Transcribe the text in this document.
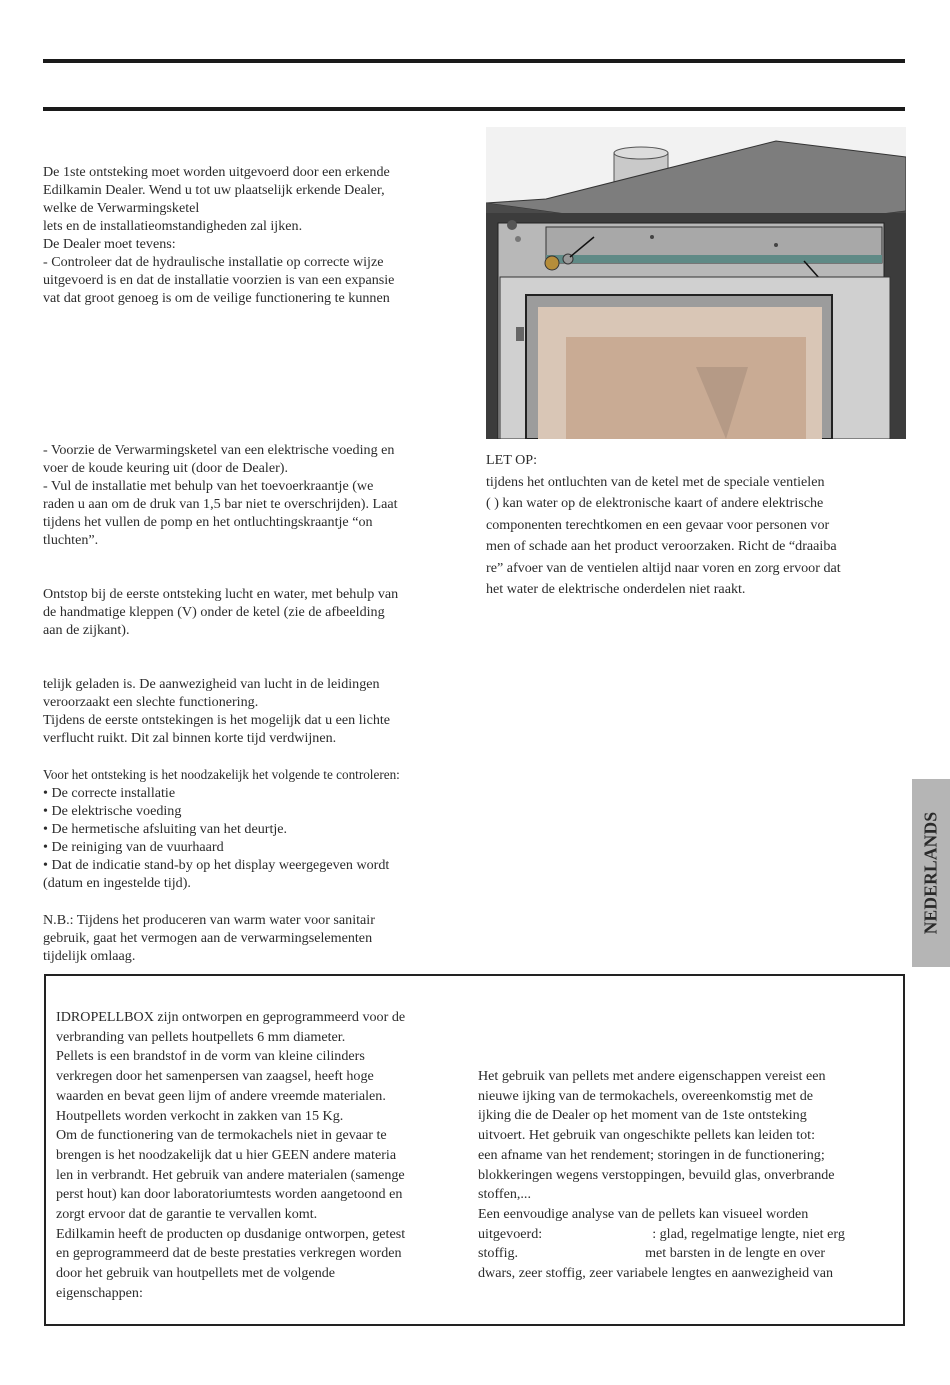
De 1ste ontsteking moet worden uitgevoerd door een erkende

Edilkamin Dealer. Wend u tot uw plaatselijk erkende Dealer,

welke de Verwarmingsketel

lets en de installatieomstandigheden zal ijken.

De Dealer moet tevens:

- Controleer dat de hydraulische installatie op correcte wijze

uitgevoerd is en dat de installatie voorzien is van een expansie

vat dat groot genoeg is om de veilige functionering te kunnen

- Voorzie de Verwarmingsketel van een elektrische voeding en

voer de koude keuring uit (door de Dealer).

- Vul de installatie met behulp van het toevoerkraantje (we

raden u aan om de druk van 1,5 bar niet te overschrijden). Laat

tijdens het vullen de pomp en het ontluchtingskraantje “on

tluchten”.

Ontstop bij de eerste ontsteking lucht en water, met behulp van

de handmatige kleppen (V) onder de ketel (zie de afbeelding

aan de zijkant).

telijk geladen is. De aanwezigheid van lucht in de leidingen

veroorzaakt een slechte functionering.

Tijdens de eerste ontstekingen is het mogelijk dat u een lichte

verflucht ruikt. Dit zal binnen korte tijd verdwijnen.

Voor het ontsteking is het noodzakelijk het volgende te controleren:

• De correcte installatie

• De elektrische voeding

• De hermetische afsluiting van het deurtje.

• De reiniging van de vuurhaard

• Dat de indicatie stand-by op het display weergegeven wordt

(datum en ingestelde tijd).

N.B.: Tijdens het produceren van warm water voor sanitair

gebruik, gaat het vermogen aan de verwarmingselementen

tijdelijk omlaag.

LET OP:

tijdens het ontluchten van de ketel met de speciale ventielen

( ) kan water op de elektronische kaart of andere elektrische

componenten terechtkomen en een gevaar voor personen vor

men of schade aan het product veroorzaken. Richt de “draaiba

re” afvoer van de ventielen altijd naar voren en zorg ervoor dat

het water de elektrische onderdelen niet raakt.

NEDERLANDS

IDROPELLBOX zijn ontworpen en geprogrammeerd voor de

verbranding van pellets houtpellets 6 mm diameter.

Pellets is een brandstof in de vorm van kleine cilinders

verkregen door het samenpersen van zaagsel, heeft hoge

waarden en bevat geen lijm of andere vreemde materialen.

Houtpellets worden verkocht in zakken van 15 Kg.

Om de functionering van de termokachels niet in gevaar te

brengen is het noodzakelijk dat u hier GEEN andere materia

len in verbrandt. Het gebruik van andere materialen (samenge

perst hout) kan door laboratoriumtests worden aangetoond en

zorgt ervoor dat de garantie te vervallen komt.

Edilkamin heeft de producten op dusdanige ontworpen, getest

en geprogrammeerd dat de beste prestaties verkregen worden

door het gebruik van houtpellets met de volgende

eigenschappen:

Het gebruik van pellets met andere eigenschappen vereist een

nieuwe ijking van de termokachels, overeenkomstig met de

ijking die de Dealer op het moment van de 1ste ontsteking

uitvoert. Het gebruik van ongeschikte pellets kan leiden tot:

een afname van het rendement; storingen in de functionering;

blokkeringen wegens verstoppingen, bevuild glas, onverbrande

stoffen,...

Een eenvoudige analyse van de pellets kan visueel worden

uitgevoerd:	: glad, regelmatige lengte, niet erg

stoffig.	met barsten in de lengte en over

dwars, zeer stoffig, zeer variabele lengtes en aanwezigheid van
